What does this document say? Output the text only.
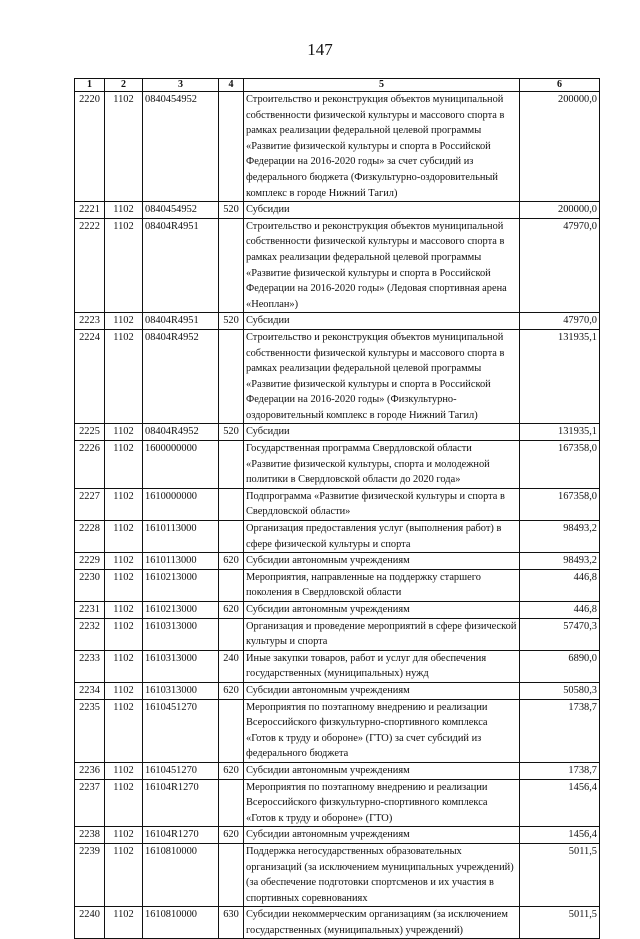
147
1	2	3	4	5	6
2220	1102	0840454952		Строительство и реконструкция объектов муниципальной собственности физической культуры и массового спорта в рамках реализации федеральной целевой программы «Развитие физической культуры и спорта в Российской Федерации на 2016-2020 годы» за счет субсидий из федерального бюджета (Физкультурно-оздоровительный комплекс в городе Нижний Тагил)	200000,0
2221	1102	0840454952	520	Субсидии	200000,0
2222	1102	08404R4951		Строительство и реконструкция объектов муниципальной собственности физической культуры и массового спорта в рамках реализации федеральной целевой программы «Развитие физической культуры и спорта в Российской Федерации на 2016-2020 годы» (Ледовая спортивная арена «Неоплан»)	47970,0
2223	1102	08404R4951	520	Субсидии	47970,0
2224	1102	08404R4952		Строительство и реконструкция объектов муниципальной собственности физической культуры и массового спорта в рамках реализации федеральной целевой программы «Развитие физической культуры и спорта в Российской Федерации на 2016-2020 годы» (Физкультурно-оздоровительный комплекс в городе Нижний Тагил)	131935,1
2225	1102	08404R4952	520	Субсидии	131935,1
2226	1102	1600000000		Государственная программа Свердловской области «Развитие физической культуры, спорта и молодежной политики в Свердловской области до 2020 года»	167358,0
2227	1102	1610000000		Подпрограмма «Развитие физической культуры и спорта в Свердловской области»	167358,0
2228	1102	1610113000		Организация предоставления услуг (выполнения работ) в сфере физической культуры и спорта	98493,2
2229	1102	1610113000	620	Субсидии автономным учреждениям	98493,2
2230	1102	1610213000		Мероприятия, направленные на поддержку старшего поколения в Свердловской области	446,8
2231	1102	1610213000	620	Субсидии автономным учреждениям	446,8
2232	1102	1610313000		Организация и проведение мероприятий в сфере физической культуры и спорта	57470,3
2233	1102	1610313000	240	Иные закупки товаров, работ и услуг для обеспечения государственных (муниципальных) нужд	6890,0
2234	1102	1610313000	620	Субсидии автономным учреждениям	50580,3
2235	1102	1610451270		Мероприятия по поэтапному внедрению и реализации Всероссийского физкультурно-спортивного комплекса «Готов к труду и обороне» (ГТО) за счет субсидий из федерального бюджета	1738,7
2236	1102	1610451270	620	Субсидии автономным учреждениям	1738,7
2237	1102	16104R1270		Мероприятия по поэтапному внедрению и реализации Всероссийского физкультурно-спортивного комплекса «Готов к труду и обороне» (ГТО)	1456,4
2238	1102	16104R1270	620	Субсидии автономным учреждениям	1456,4
2239	1102	1610810000		Поддержка негосударственных образовательных организаций (за исключением муниципальных учреждений) (за обеспечение подготовки спортсменов и их участия в спортивных соревнованиях	5011,5
2240	1102	1610810000	630	Субсидии некоммерческим организациям (за исключением государственных (муниципальных) учреждений)	5011,5
